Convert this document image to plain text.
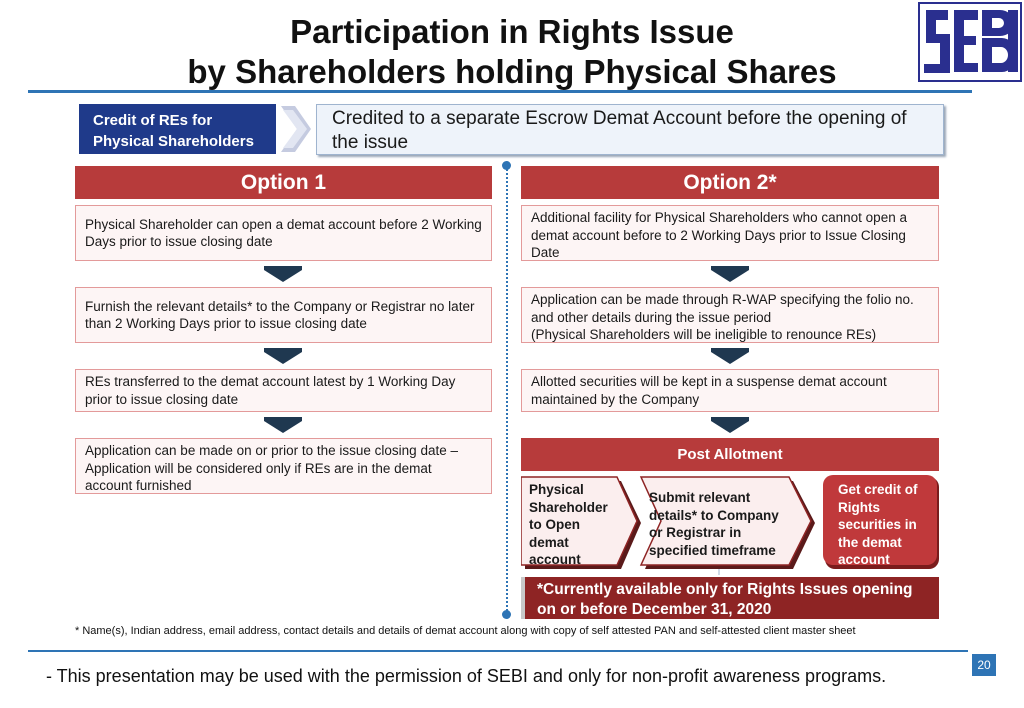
Participation in Rights Issue
by Shareholders holding Physical Shares
Credit of REs for Physical Shareholders
Credited to a separate Escrow Demat Account before the opening of the issue
Option 1	Option 2*
Physical Shareholder can open a demat account before 2 Working Days prior to issue closing date
Furnish the relevant details* to the Company or Registrar no later than 2 Working Days prior to issue closing date
REs transferred to the demat account latest by 1 Working Day prior to issue closing date
Application can be made on or prior to the issue closing date – Application will be considered only if REs are in the demat account furnished
Additional facility for Physical Shareholders who cannot open a demat account before to 2 Working Days prior to Issue Closing Date
Application can be made through R-WAP specifying the folio no. and other details during the issue period
(Physical Shareholders will be ineligible to renounce REs)
Allotted securities will be kept in a suspense demat account maintained by the Company
Post Allotment
Physical Shareholder to Open demat account
Submit relevant details* to Company or Registrar in specified timeframe
Get credit of Rights securities in the demat account
*Currently available only for Rights Issues opening on or before December 31, 2020
* Name(s), Indian address, email address, contact details and details of demat account along with copy of self attested PAN and self-attested client master sheet
- This presentation may be used with the permission of SEBI and only for non-profit awareness programs.
20
